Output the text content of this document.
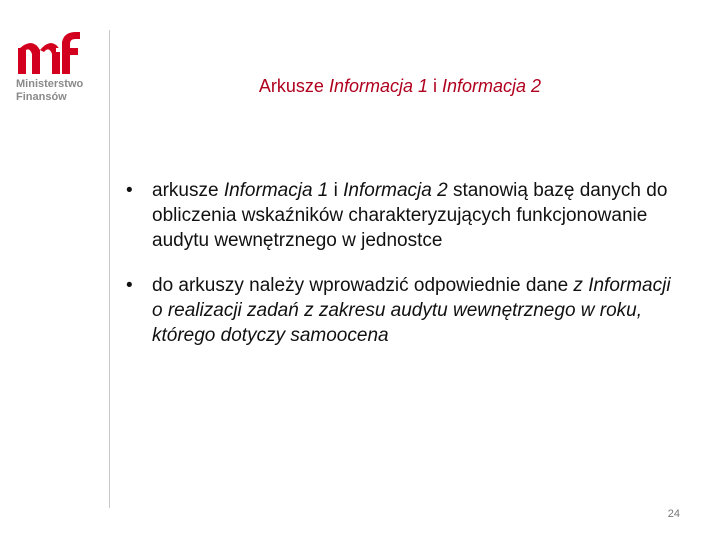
Ministerstwo
Finansów
Arkusze Informacja 1 i Informacja 2
• arkusze Informacja 1 i Informacja 2 stanowią bazę danych do obliczenia wskaźników charakteryzujących funkcjonowanie audytu wewnętrznego w jednostce
• do arkuszy należy wprowadzić odpowiednie dane z Informacji o realizacji zadań z zakresu audytu wewnętrznego w roku, którego dotyczy samoocena
24
